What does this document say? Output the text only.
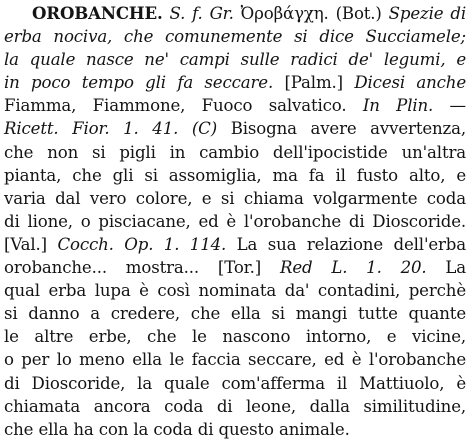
OROBANCHE. S. f. Gr. Ὀροβάγχη. (Bot.) Spezie di
erba nociva, che comunemente si dice Succiamele;
la quale nasce ne' campi sulle radici de' legumi, e
in poco tempo gli fa seccare. [Palm.] Dicesi anche
Fiamma, Fiammone, Fuoco salvatico. In Plin. —
Ricett. Fior. 1. 41. (C) Bisogna avere avvertenza,
che non si pigli in cambio dell'ipocistide un'altra
pianta, che gli si assomiglia, ma fa il fusto alto, e
varia dal vero colore, e si chiama volgarmente coda
di lione, o pisciacane, ed è l'orobanche di Dioscoride.
[Val.] Cocch. Op. 1. 114. La sua relazione dell'erba
orobanche... mostra... [Tor.] Red L. 1. 20. La
qual erba lupa è così nominata da' contadini, perchè
si danno a credere, che ella si mangi tutte quante
le altre erbe, che le nascono intorno, e vicine,
o per lo meno ella le faccia seccare, ed è l'orobanche
di Dioscoride, la quale com'afferma il Mattiuolo, è
chiamata ancora coda di leone, dalla similitudine,
che ella ha con la coda di questo animale.
